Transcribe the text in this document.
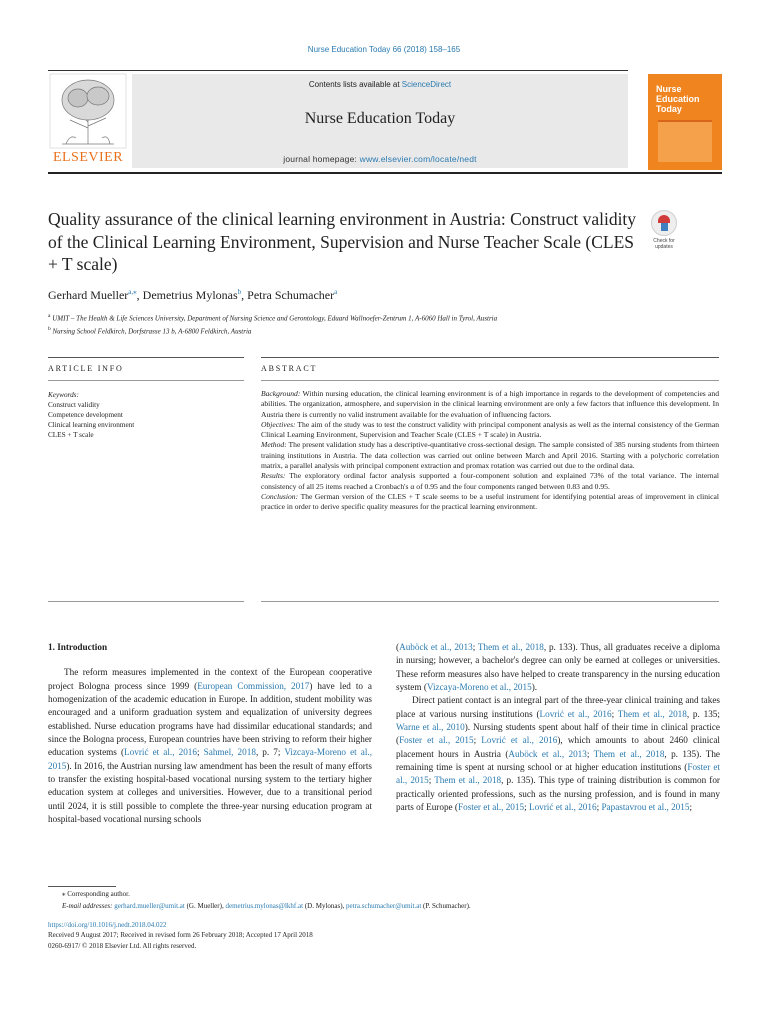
Nurse Education Today 66 (2018) 158–165
ELSEVIER
Contents lists available at ScienceDirect
Nurse Education Today
journal homepage: www.elsevier.com/locate/nedt
Nurse Education Today
Quality assurance of the clinical learning environment in Austria: Construct validity of the Clinical Learning Environment, Supervision and Nurse Teacher Scale (CLES + T scale)
Check for updates
Gerhard Mueller$^{a,⁎}$, Demetrius Mylonas$^b$, Petra Schumacher$^a$
$^a$ UMIT – The Health & Life Sciences University, Department of Nursing Science and Gerontology, Eduard Wallnoefer-Zentrum 1, A-6060 Hall in Tyrol, Austria
$^b$ Nursing School Feldkirch, Dorfstrasse 13 b, A-6800 Feldkirch, Austria
ARTICLE INFO	ABSTRACT
Keywords:
Construct validity
Competence development
Clinical learning environment
CLES + T scale

Background: Within nursing education, the clinical learning environment is of a high importance in regards to the development of competencies and abilities. The organization, atmosphere, and supervision in the clinical learning environment are only a few factors that influence this development. In Austria there is currently no valid instrument available for the evaluation of influencing factors.

Objectives: The aim of the study was to test the construct validity with principal component analysis as well as the internal consistency of the German Clinical Learning Environment, Supervision and Teacher Scale (CLES + T scale) in Austria.

Method: The present validation study has a descriptive-quantitative cross-sectional design. The sample consisted of 385 nursing students from thirteen training institutions in Austria. The data collection was carried out online between March and April 2016. Starting with a polychoric correlation matrix, a parallel analysis with principal component extraction and promax rotation was carried out due to the ordinal data.

Results: The exploratory ordinal factor analysis supported a four-component solution and explained 73% of the total variance. The internal consistency of all 25 items reached a Cronbach's α of 0.95 and the four components ranged between 0.83 and 0.95.

Conclusion: The German version of the CLES + T scale seems to be a useful instrument for identifying potential areas of improvement in clinical practice in order to derive specific quality measures for the practical learning environment.

1. Introduction

The reform measures implemented in the context of the European cooperative project Bologna process since 1999 (European Commission, 2017) have led to a homogenization of the academic education in Europe. In addition, student mobility was encouraged and a uniform graduation system and equalization of university degrees established. Nurse education programs have had dissimilar educational standards; and since the Bologna process, European countries have been striving to reform their higher education systems (Lovrić et al., 2016; Sahmel, 2018, p. 7; Vizcaya-Moreno et al., 2015). In 2016, the Austrian nursing law amendment has been the result of many efforts to transfer the existing hospital-based vocational nursing system to the tertiary higher education system at colleges and universities. However, due to a transitional period until 2024, it is still possible to complete the three-year nursing education program at hospital-based vocational nursing schools

(Auböck et al., 2013; Them et al., 2018, p. 133). Thus, all graduates receive a diploma in nursing; however, a bachelor's degree can only be earned at colleges or universities. These reform measures also have helped to create transparency in the nursing education system (Vizcaya-Moreno et al., 2015).

Direct patient contact is an integral part of the three-year clinical training and takes place at various nursing institutions (Lovrić et al., 2016; Them et al., 2018, p. 135; Warne et al., 2010). Nursing students spent about half of their time in clinical practice (Foster et al., 2015; Lovrić et al., 2016), which amounts to about 2460 clinical placement hours in Austria (Auböck et al., 2013; Them et al., 2018, p. 135). The remaining time is spent at nursing school or at higher education institutions (Foster et al., 2015; Them et al., 2018, p. 135). This type of training distribution is common for practically oriented professions, such as the nursing profession, and is found in many parts of Europe (Foster et al., 2015; Lovrić et al., 2016; Papastavrou et al., 2015;

⁎ Corresponding author.
E-mail addresses: gerhard.mueller@umit.at (G. Mueller), demetrius.mylonas@lkhf.at (D. Mylonas), petra.schumacher@umit.at (P. Schumacher).
https://doi.org/10.1016/j.nedt.2018.04.022
Received 9 August 2017; Received in revised form 26 February 2018; Accepted 17 April 2018
0260-6917/ © 2018 Elsevier Ltd. All rights reserved.
